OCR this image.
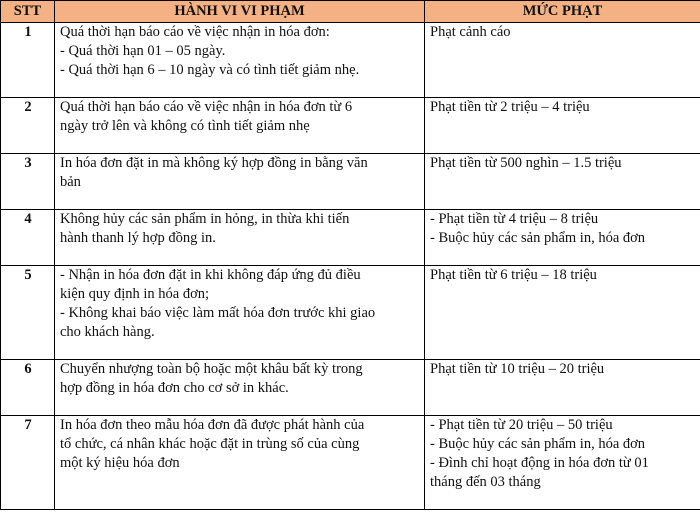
STT	HÀNH VI VI PHẠM	MỨC PHẠT
1	Quá thời hạn báo cáo về việc nhận in hóa đơn:
- Quá thời hạn 01 – 05 ngày.
- Quá thời hạn 6 – 10 ngày và có tình tiết giảm nhẹ.	Phạt cảnh cáo

2	Quá thời hạn báo cáo về việc nhận in hóa đơn từ 6
ngày trở lên và không có tình tiết giảm nhẹ	Phạt tiền từ 2 triệu – 4 triệu

3	In hóa đơn đặt in mà không ký hợp đồng in bằng văn
bản	Phạt tiền từ 500 nghìn – 1.5 triệu

4	Không hủy các sản phẩm in hỏng, in thừa khi tiến
hành thanh lý hợp đồng in.	- Phạt tiền từ 4 triệu – 8 triệu
- Buộc hủy các sản phẩm in, hóa đơn

5	- Nhận in hóa đơn đặt in khi không đáp ứng đủ điều
kiện quy định in hóa đơn;
- Không khai báo việc làm mất hóa đơn trước khi giao
cho khách hàng.	Phạt tiền từ 6 triệu – 18 triệu

6	Chuyển nhượng toàn bộ hoặc một khâu bất kỳ trong
hợp đồng in hóa đơn cho cơ sở in khác.	Phạt tiền từ 10 triệu – 20 triệu

7	In hóa đơn theo mẫu hóa đơn đã được phát hành của
tổ chức, cá nhân khác hoặc đặt in trùng số của cùng
một ký hiệu hóa đơn	- Phạt tiền từ 20 triệu – 50 triệu
- Buộc hủy các sản phẩm in, hóa đơn
- Đình chỉ hoạt động in hóa đơn từ 01
tháng đến 03 tháng
